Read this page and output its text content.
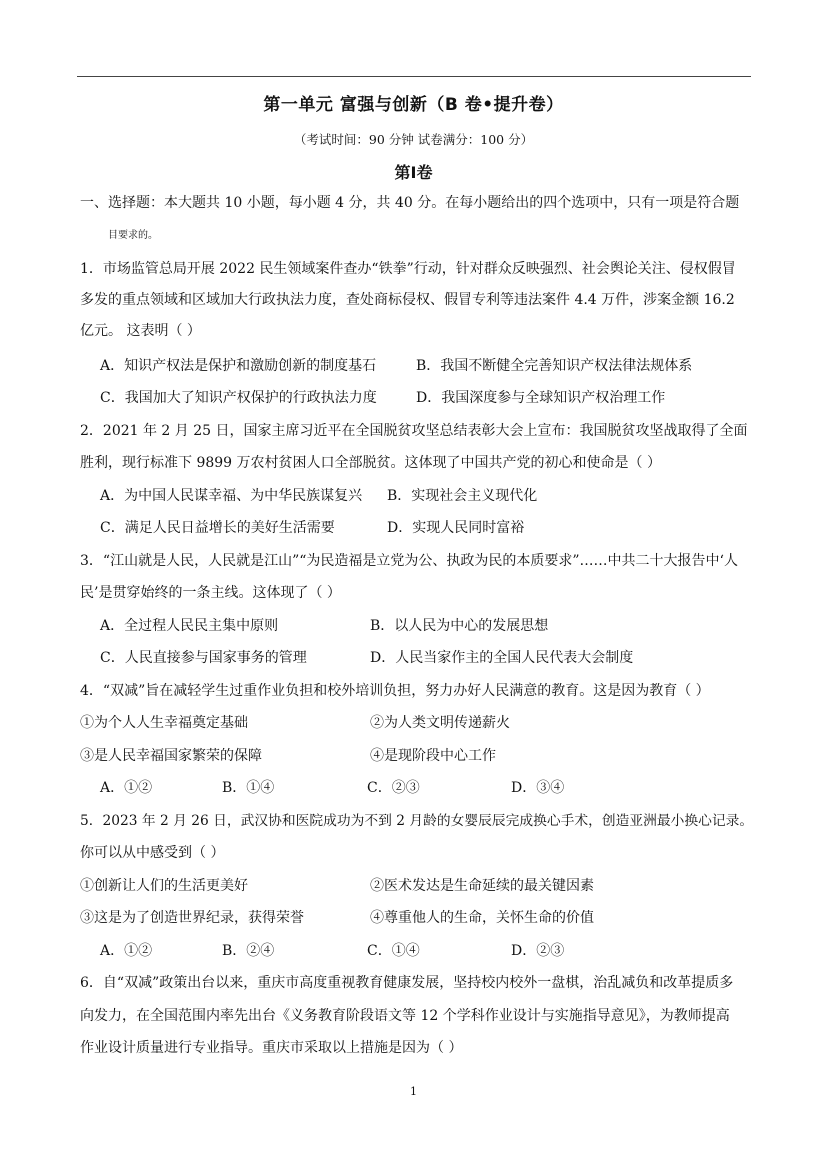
第一单元 富强与创新（B 卷•提升卷）
（考试时间：90 分钟 试卷满分：100 分）
第Ⅰ卷
一、选择题：本大题共 10 小题，每小题 4 分，共 40 分。在每小题给出的四个选项中，只有一项是符合题
目要求的。
1．市场监管总局开展 2022 民生领域案件查办“铁拳”行动，针对群众反映强烈、社会舆论关注、侵权假冒
多发的重点领域和区域加大行政执法力度，查处商标侵权、假冒专利等违法案件 4.4 万件，涉案金额 16.2
亿元。 这表明（ ）
A．知识产权法是保护和激励创新的制度基石	B．我国不断健全完善知识产权法律法规体系
C．我国加大了知识产权保护的行政执法力度	D．我国深度参与全球知识产权治理工作
2．2021 年 2 月 25 日，国家主席习近平在全国脱贫攻坚总结表彰大会上宣布：我国脱贫攻坚战取得了全面
胜利，现行标准下 9899 万农村贫困人口全部脱贫。这体现了中国共产党的初心和使命是（ ）
A．为中国人民谋幸福、为中华民族谋复兴 B．实现社会主义现代化
C．满足人民日益增长的美好生活需要	D．实现人民同时富裕
3．“江山就是人民，人民就是江山”“为民造福是立党为公、执政为民的本质要求”……中共二十大报告中‘人
民’是贯穿始终的一条主线。这体现了（ ）
A．全过程人民民主集中原则	B．以人民为中心的发展思想
C．人民直接参与国家事务的管理	D．人民当家作主的全国人民代表大会制度
4．“双减”旨在减轻学生过重作业负担和校外培训负担，努力办好人民满意的教育。这是因为教育（ ）
①为个人人生幸福奠定基础	②为人类文明传递薪火
③是人民幸福国家繁荣的保障	④是现阶段中心工作
A．①②	B．①④	C．②③	D．③④
5．2023 年 2 月 26 日，武汉协和医院成功为不到 2 月龄的女婴辰辰完成换心手术，创造亚洲最小换心记录。
你可以从中感受到（ ）
①创新让人们的生活更美好	②医术发达是生命延续的最关键因素
③这是为了创造世界纪录，获得荣誉	④尊重他人的生命，关怀生命的价值
A．①②	B．②④	C．①④	D．②③
6．自“双减”政策出台以来，重庆市高度重视教育健康发展，坚持校内校外一盘棋，治乱减负和改革提质多
向发力，在全国范围内率先出台《义务教育阶段语文等 12 个学科作业设计与实施指导意见》，为教师提高
作业设计质量进行专业指导。重庆市采取以上措施是因为（ ）
1
